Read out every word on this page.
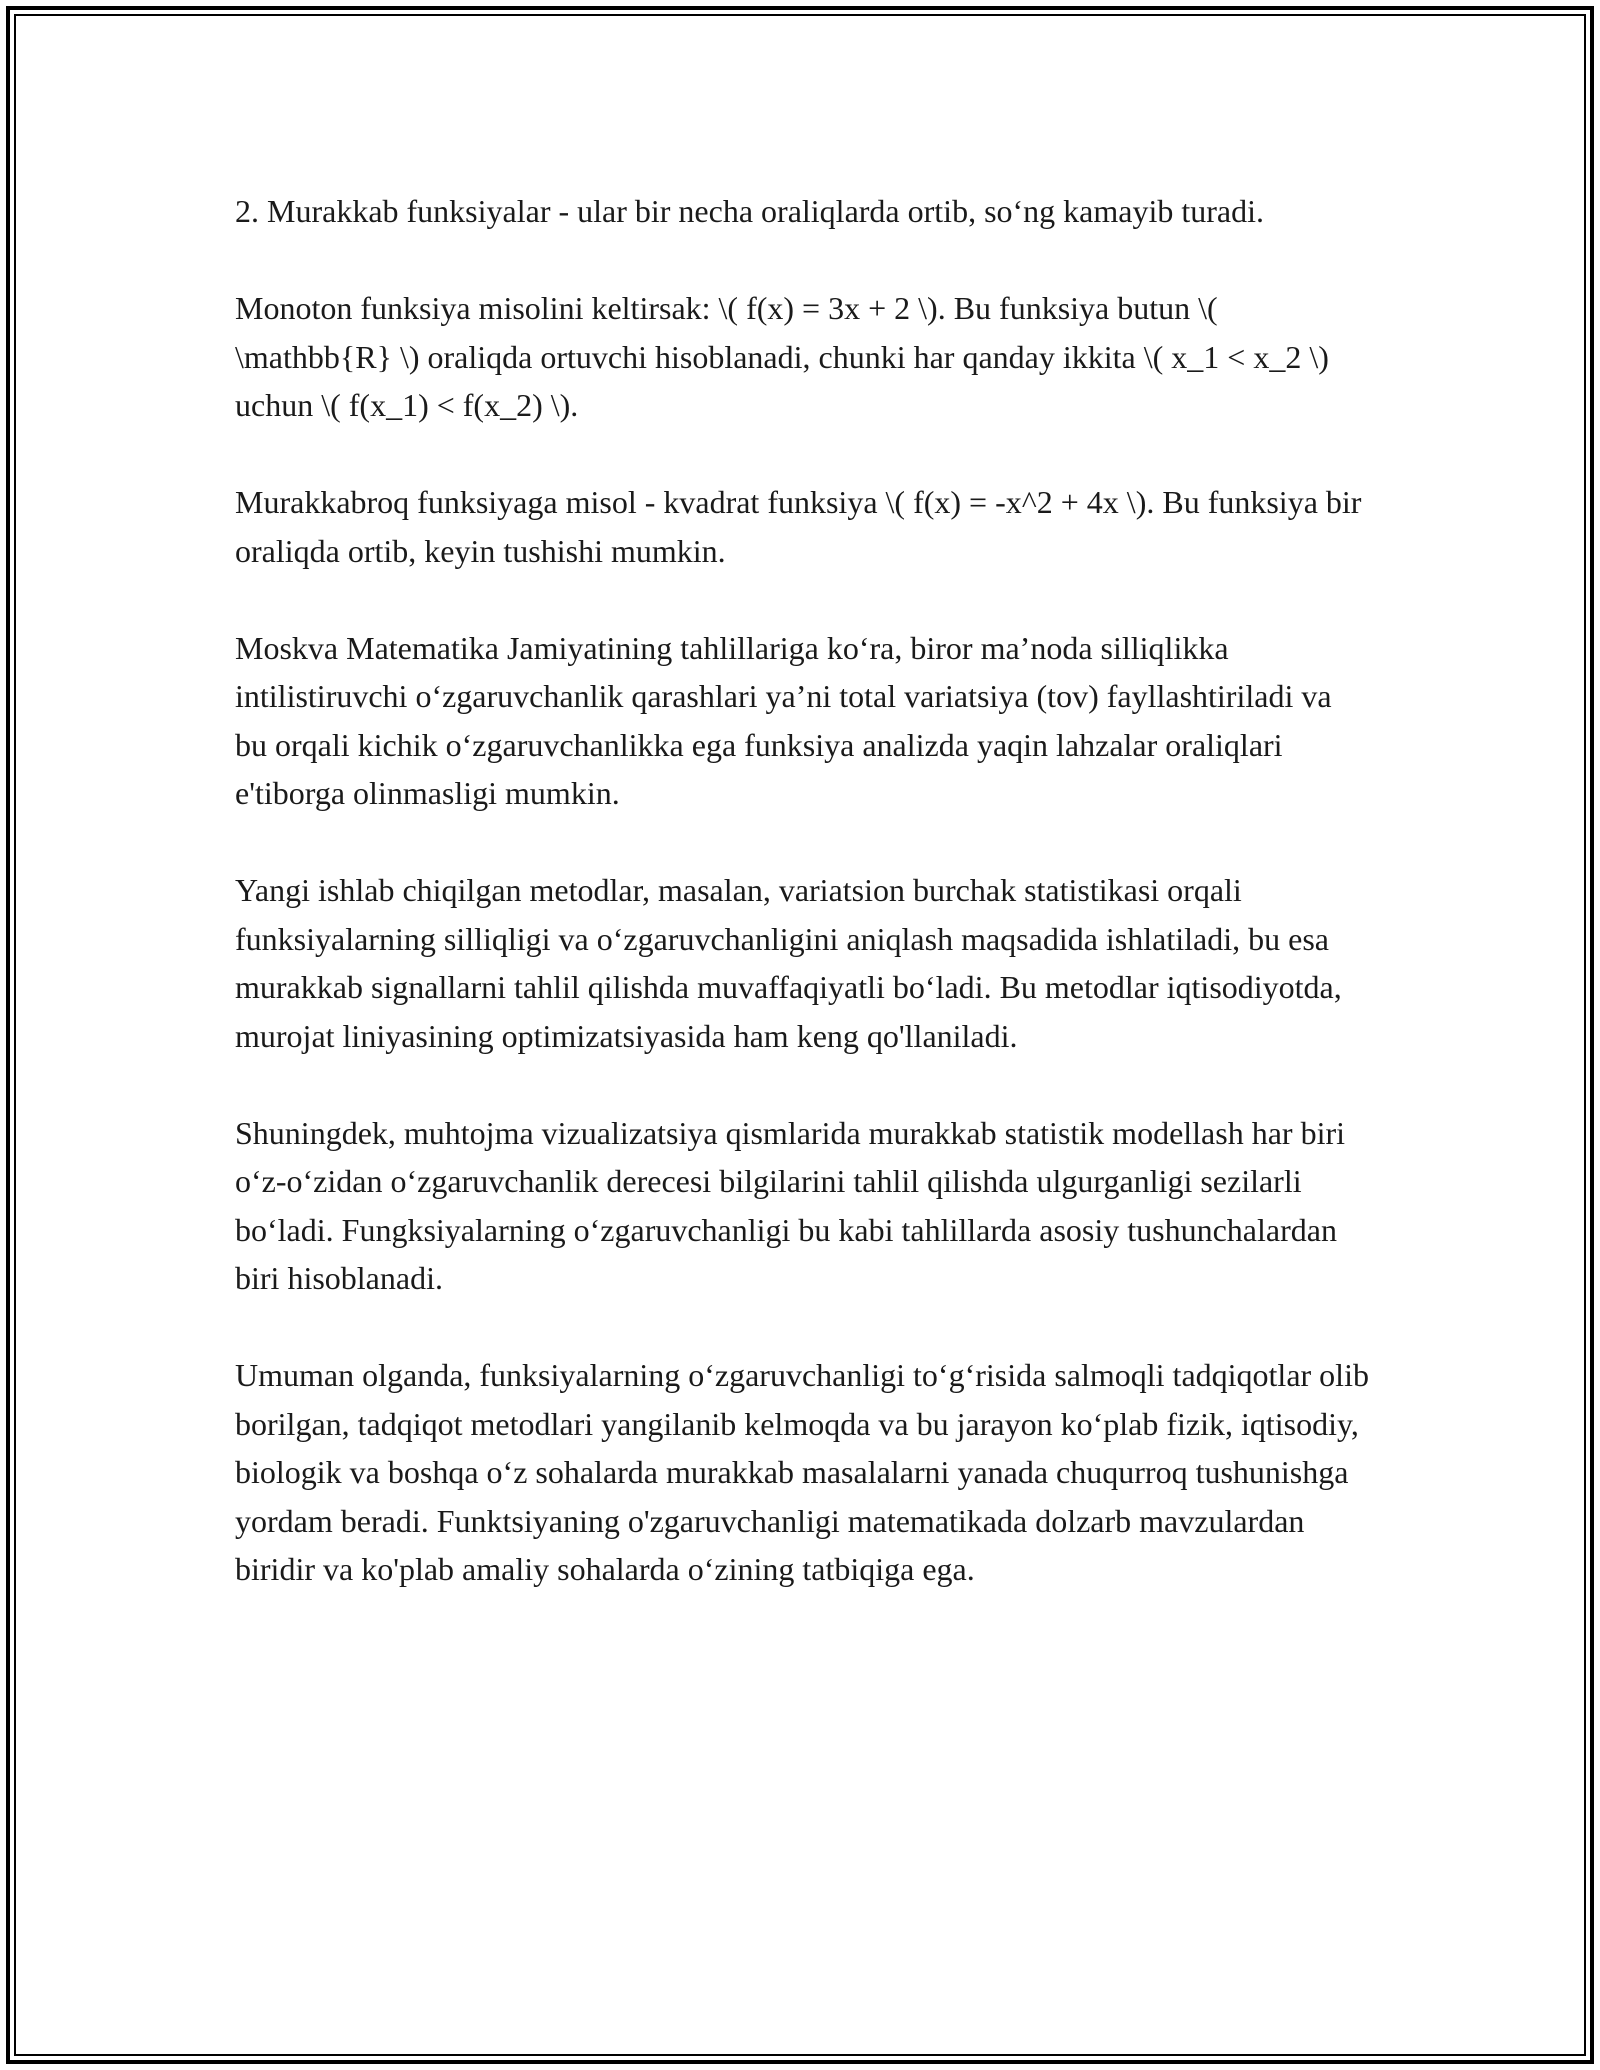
2. Murakkab funksiyalar - ular bir necha oraliqlarda ortib, so‘ng kamayib turadi.

Monoton funksiya misolini keltirsak: \( f(x) = 3x + 2 \). Bu funksiya butun \( \mathbb{R} \) oraliqda ortuvchi hisoblanadi, chunki har qanday ikkita \( x_1 < x_2 \) uchun \( f(x_1) < f(x_2) \).

Murakkabroq funksiyaga misol - kvadrat funksiya \( f(x) = -x^2 + 4x \). Bu funksiya bir oraliqda ortib, keyin tushishi mumkin.

Moskva Matematika Jamiyatining tahlillariga ko‘ra, biror ma’noda silliqlikka intilistiruvchi o‘zgaruvchanlik qarashlari ya’ni total variatsiya (tov) fayllashtiriladi va bu orqali kichik o‘zgaruvchanlikka ega funksiya analizda yaqin lahzalar oraliqlari e'tiborga olinmasligi mumkin.

Yangi ishlab chiqilgan metodlar, masalan, variatsion burchak statistikasi orqali funksiyalarning silliqligi va o‘zgaruvchanligini aniqlash maqsadida ishlatiladi, bu esa murakkab signallarni tahlil qilishda muvaffaqiyatli bo‘ladi. Bu metodlar iqtisodiyotda, murojat liniyasining optimizatsiyasida ham keng qo'llaniladi.

Shuningdek, muhtojma vizualizatsiya qismlarida murakkab statistik modellash har biri o‘z-o‘zidan o‘zgaruvchanlik derecesi bilgilarini tahlil qilishda ulgurganligi sezilarli bo‘ladi. Fungksiyalarning o‘zgaruvchanligi bu kabi tahlillarda asosiy tushunchalardan biri hisoblanadi.

Umuman olganda, funksiyalarning o‘zgaruvchanligi to‘g‘risida salmoqli tadqiqotlar olib borilgan, tadqiqot metodlari yangilanib kelmoqda va bu jarayon ko‘plab fizik, iqtisodiy, biologik va boshqa o‘z sohalarda murakkab masalalarni yanada chuqurroq tushunishga yordam beradi. Funktsiyaning o'zgaruvchanligi matematikada dolzarb mavzulardan biridir va ko'plab amaliy sohalarda o‘zining tatbiqiga ega.
